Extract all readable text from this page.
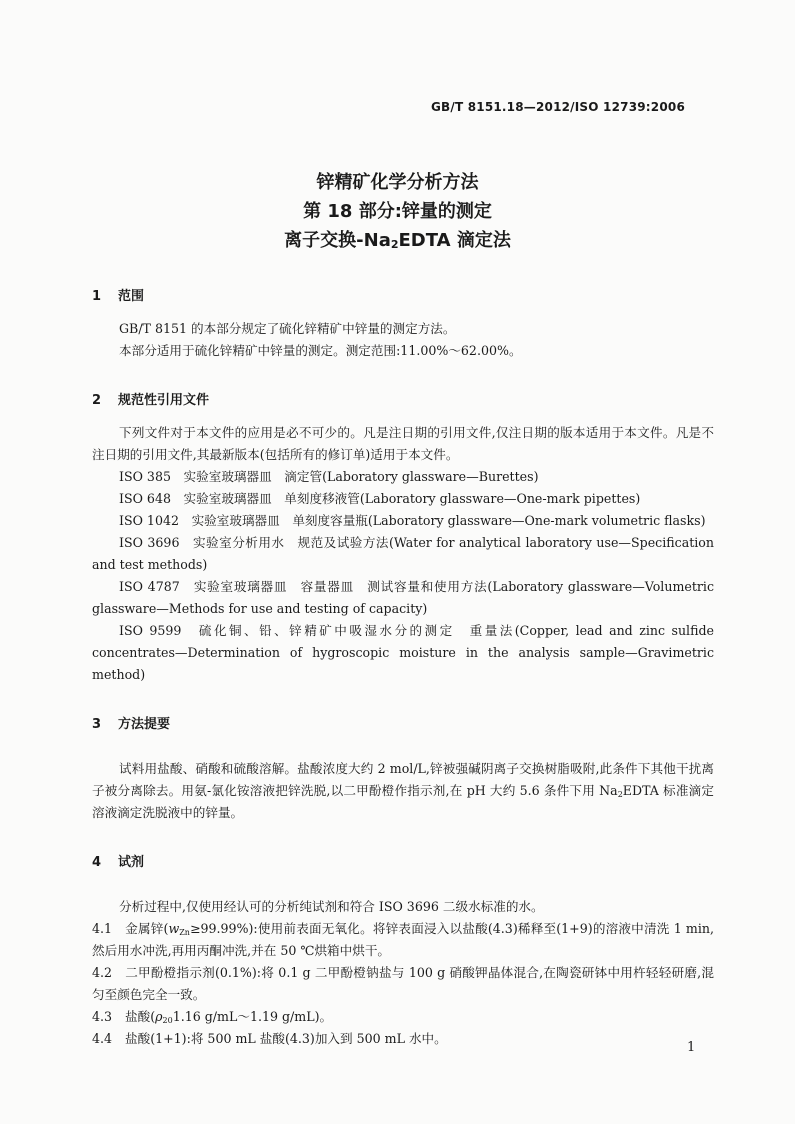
GB/T 8151.18—2012/ISO 12739:2006
锌精矿化学分析方法
第 18 部分:锌量的测定
离子交换$-Na_2EDTA$ 滴定法
1 范围
GB/T 8151 的本部分规定了硫化锌精矿中锌量的测定方法。
本部分适用于硫化锌精矿中锌量的测定。测定范围:11.00%～62.00%。
2 规范性引用文件
下列文件对于本文件的应用是必不可少的。凡是注日期的引用文件,仅注日期的版本适用于本文件。凡是不注日期的引用文件,其最新版本(包括所有的修订单)适用于本文件。
ISO 385　实验室玻璃器皿　滴定管(Laboratory glassware—Burettes)
ISO 648　实验室玻璃器皿　单刻度移液管(Laboratory glassware—One-mark pipettes)
ISO 1042　实验室玻璃器皿　单刻度容量瓶(Laboratory glassware—One-mark volumetric flasks)
ISO 3696　实验室分析用水　规范及试验方法(Water for analytical laboratory use—Specification and test methods)
ISO 4787　实验室玻璃器皿　容量器皿　测试容量和使用方法(Laboratory glassware—Volumetric glassware—Methods for use and testing of capacity)
ISO 9599　硫化铜、铅、锌精矿中吸湿水分的测定　重量法(Copper, lead and zinc sulfide concentrates—Determination of hygroscopic moisture in the analysis sample—Gravimetric method)
3 方法提要
试料用盐酸、硝酸和硫酸溶解。盐酸浓度大约 2 mol/L,锌被强碱阴离子交换树脂吸附,此条件下其他干扰离子被分离除去。用氨-氯化铵溶液把锌洗脱,以二甲酚橙作指示剂,在 pH 大约 5.6 条件下用 $Na_2EDTA$ 标准滴定溶液滴定洗脱液中的锌量。
4 试剂
分析过程中,仅使用经认可的分析纯试剂和符合 ISO 3696 二级水标准的水。
4.1 金属锌$(w_{Zn}\ge 99.99\%)$:使用前表面无氧化。将锌表面浸入以盐酸(4.3)稀释至(1+9)的溶液中清洗 1 min,然后用水冲洗,再用丙酮冲洗,并在 50 ℃烘箱中烘干。
4.2 二甲酚橙指示剂(0.1%):将 0.1 g 二甲酚橙钠盐与 100 g 硝酸钾晶体混合,在陶瓷研钵中用杵轻轻研磨,混匀至颜色完全一致。
4.3 盐酸($\rho_{20}1.16$ g/mL～1.19 g/mL)。
4.4 盐酸(1+1):将 500 mL 盐酸(4.3)加入到 500 mL 水中。
1
